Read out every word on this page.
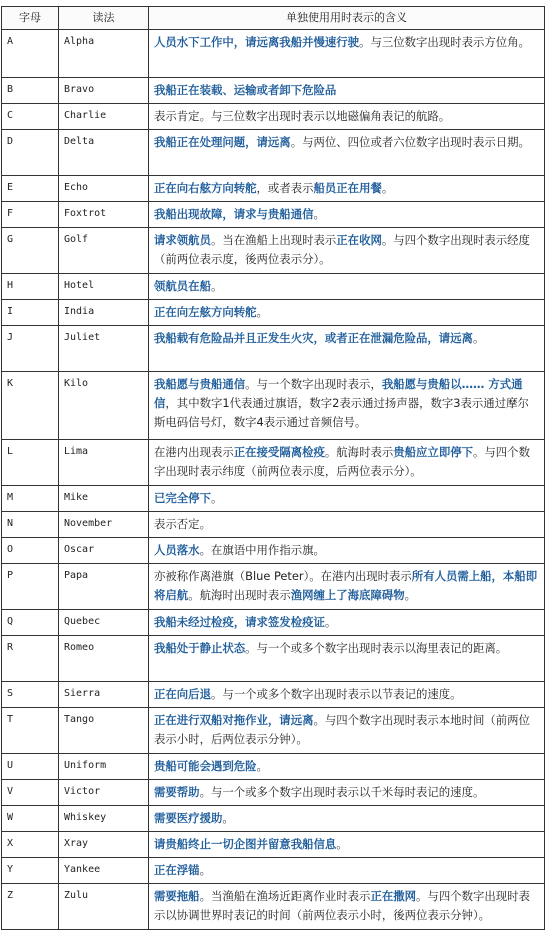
字母	读法	单独使用用时表示的含义
A	Alpha	人员水下工作中，请远离我船并慢速行驶。与三位数字出现时表示方位角。
B	Bravo	我船正在装载、运输或者卸下危险品
C	Charlie	表示肯定。与三位数字出现时表示以地磁偏角表记的航路。
D	Delta	我船正在处理问题，请远离。与两位、四位或者六位数字出现时表示日期。
E	Echo	正在向右舷方向转舵，或者表示船员正在用餐。
F	Foxtrot	我船出现故障，请求与贵船通信。
G	Golf	请求领航员。当在渔船上出现时表示正在收网。与四个数字出现时表示经度（前两位表示度，後两位表示分）。
H	Hotel	领航员在船。
I	India	正在向左舷方向转舵。
J	Juliet	我船载有危险品并且正发生火灾，或者正在泄漏危险品，请远离。
K	Kilo	我船愿与贵船通信。与一个数字出现时表示，我船愿与贵船以…… 方式通信，其中数字1代表通过旗语，数字2表示通过扬声器，数字3表示通过摩尔斯电码信号灯，数字4表示通过音频信号。
L	Lima	在港内出现表示正在接受隔离检疫。航海时表示贵船应立即停下。与四个数字出现时表示纬度（前两位表示度，后两位表示分）。
M	Mike	已完全停下。
N	November	表示否定。
O	Oscar	人员落水。在旗语中用作指示旗。
P	Papa	亦被称作离港旗（Blue Peter）。在港内出现时表示所有人员需上船，本船即将启航。航海时出现时表示渔网缠上了海底障碍物。
Q	Quebec	我船未经过检疫，请求签发检疫证。
R	Romeo	我船处于静止状态。与一个或多个数字出现时表示以海里表记的距离。
S	Sierra	正在向后退。与一个或多个数字出现时表示以节表记的速度。
T	Tango	正在进行双船对拖作业，请远离。与四个数字出现时表示本地时间（前两位表示小时，后两位表示分钟）。
U	Uniform	贵船可能会遇到危险。
V	Victor	需要帮助。与一个或多个数字出现时表示以千米每时表记的速度。
W	Whiskey	需要医疗援助。
X	Xray	请贵船终止一切企图并留意我船信息。
Y	Yankee	正在浮锚。
Z	Zulu	需要拖船。当渔船在渔场近距离作业时表示正在撒网。与四个数字出现时表示以协调世界时表记的时间（前两位表示小时，後两位表示分钟）。
